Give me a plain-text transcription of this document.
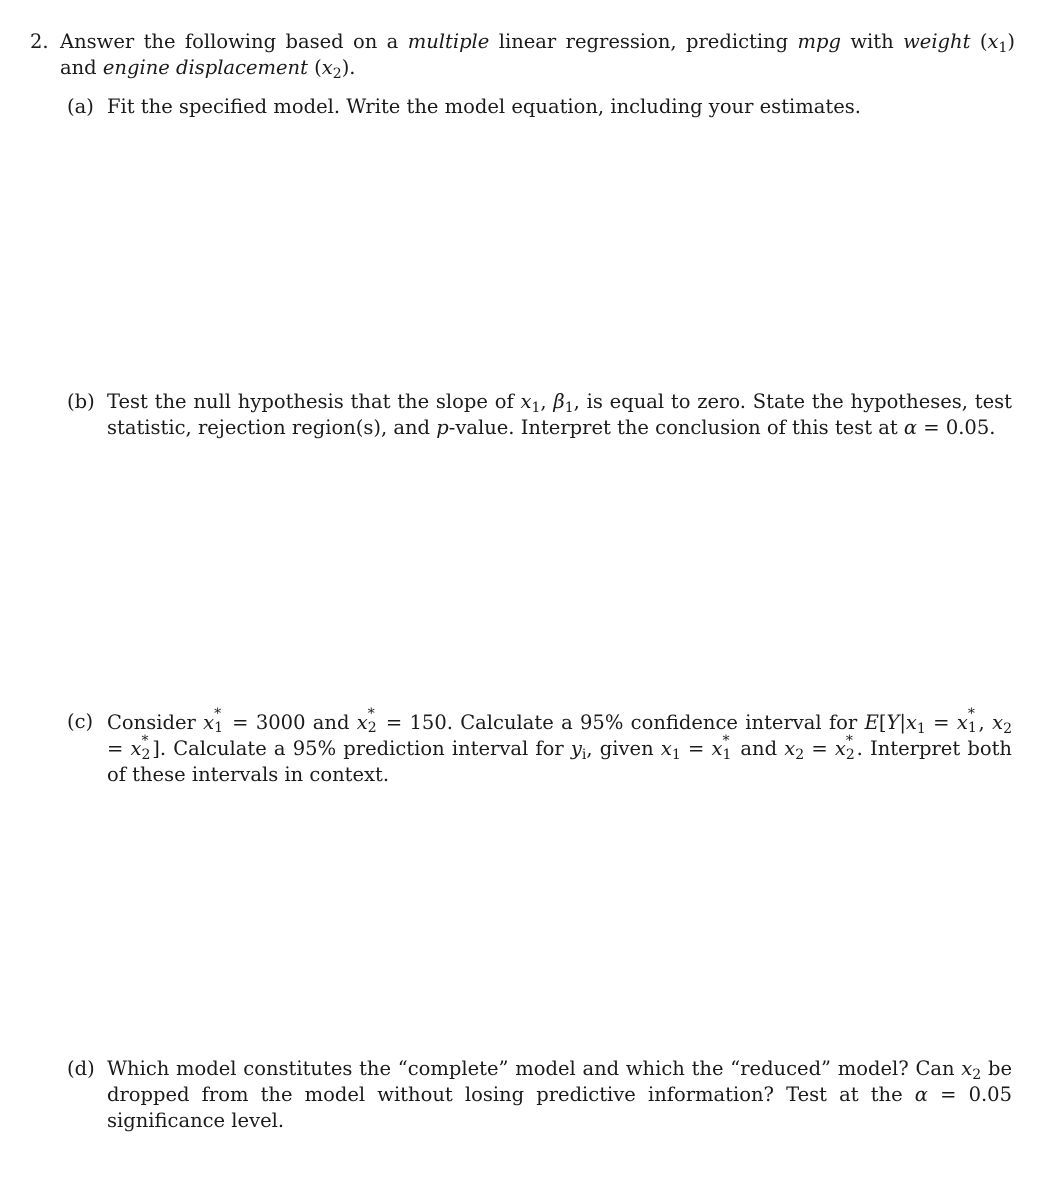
2. Answer the following based on a multiple linear regression, predicting mpg with weight $(x_1)$ and engine displacement $(x_2)$.
(a) Fit the specified model. Write the model equation, including your estimates.
(b) Test the null hypothesis that the slope of $x_1$, $\beta_1$, is equal to zero. State the hypotheses, test statistic, rejection region(s), and p-value. Interpret the conclusion of this test at α = 0.05.
(c) Consider x *
1 = 3000 and x *
2 = 150. Calculate a 95% confidence interval for $E[Y|x_1 = x$ *
1 , $x_2 = x$ *
2 ]. Calculate a 95% prediction interval for $y_i$, given $x_1 = x$ *
1 and $x_2 = x$ *
2 . Interpret both of these intervals in context.
(d) Which model constitutes the “complete” model and which the “reduced” model? Can $x_2$ be dropped from the model without losing predictive information? Test at the α = 0.05 significance level.
